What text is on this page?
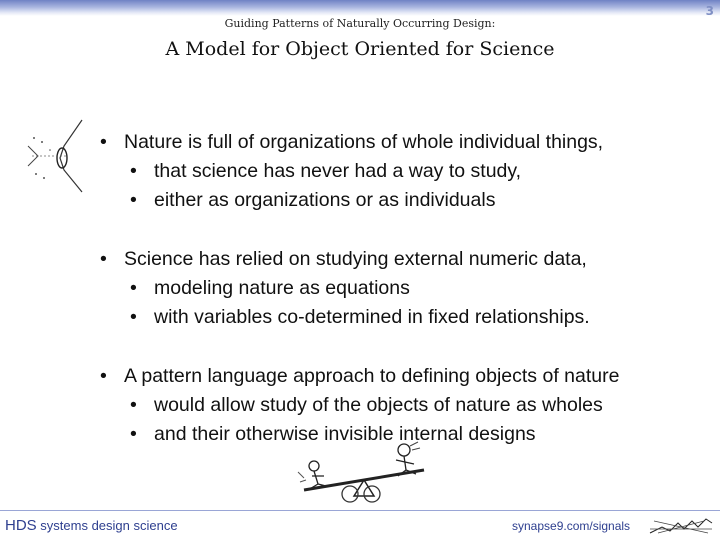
3
Guiding Patterns of Naturally Occurring Design:
A Model for Object Oriented for Science
• Nature is full of organizations of whole individual things,
• that science has never had a way to study,
• either as organizations or as individuals
• Science has relied on studying external numeric data,
• modeling nature as equations
• with variables co-determined in fixed relationships.
• A pattern language approach to defining objects of nature
• would allow study of the objects of nature as wholes
• and their otherwise invisible internal designs
HDS systems design science	synapse9.com/signals
